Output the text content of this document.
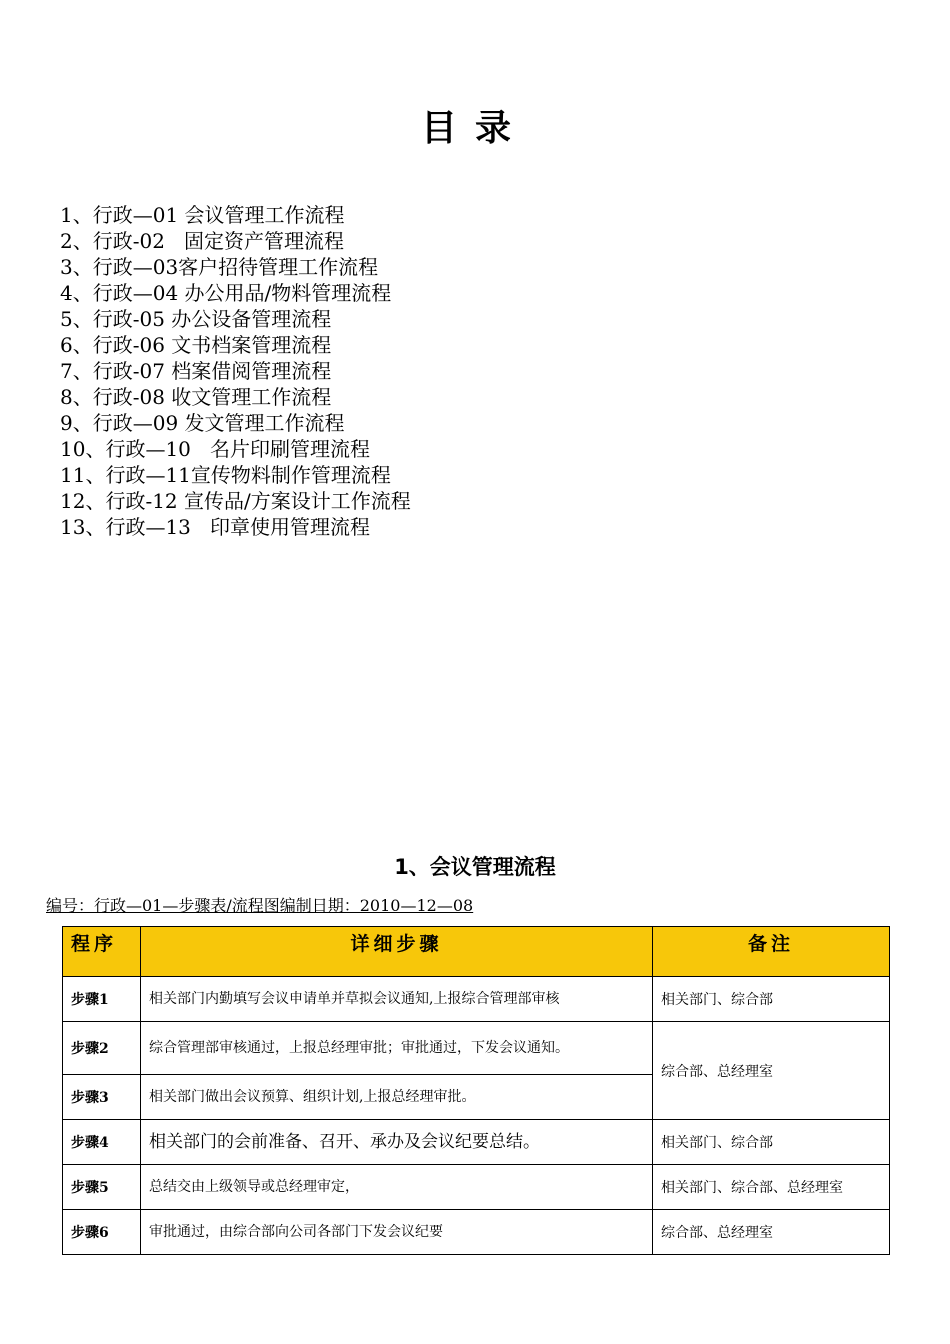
目录
1、行政—01 会议管理工作流程
2、行政-02   固定资产管理流程
3、行政—03客户招待管理工作流程
4、行政—04 办公用品/物料管理流程
5、行政-05 办公设备管理流程
6、行政-06 文书档案管理流程
7、行政-07 档案借阅管理流程
8、行政-08 收文管理工作流程
9、行政—09 发文管理工作流程
10、行政—10   名片印刷管理流程
11、行政—11宣传物料制作管理流程
12、行政-12 宣传品/方案设计工作流程
13、行政—13   印章使用管理流程
1、会议管理流程
编号：行政—01—步骤表/流程图编制日期：2010—12—08
程序	详细步骤	备注
步骤1	相关部门内勤填写会议申请单并草拟会议通知,上报综合管理部审核	相关部门、综合部
步骤2	综合管理部审核通过，上报总经理审批；审批通过，下发会议通知。	综合部、总经理室
步骤3	相关部门做出会议预算、组织计划,上报总经理审批。	
步骤4	相关部门的会前准备、召开、承办及会议纪要总结。	相关部门、综合部
步骤5	总结交由上级领导或总经理审定，	相关部门、综合部、总经理室
步骤6	审批通过，由综合部向公司各部门下发会议纪要	综合部、总经理室
